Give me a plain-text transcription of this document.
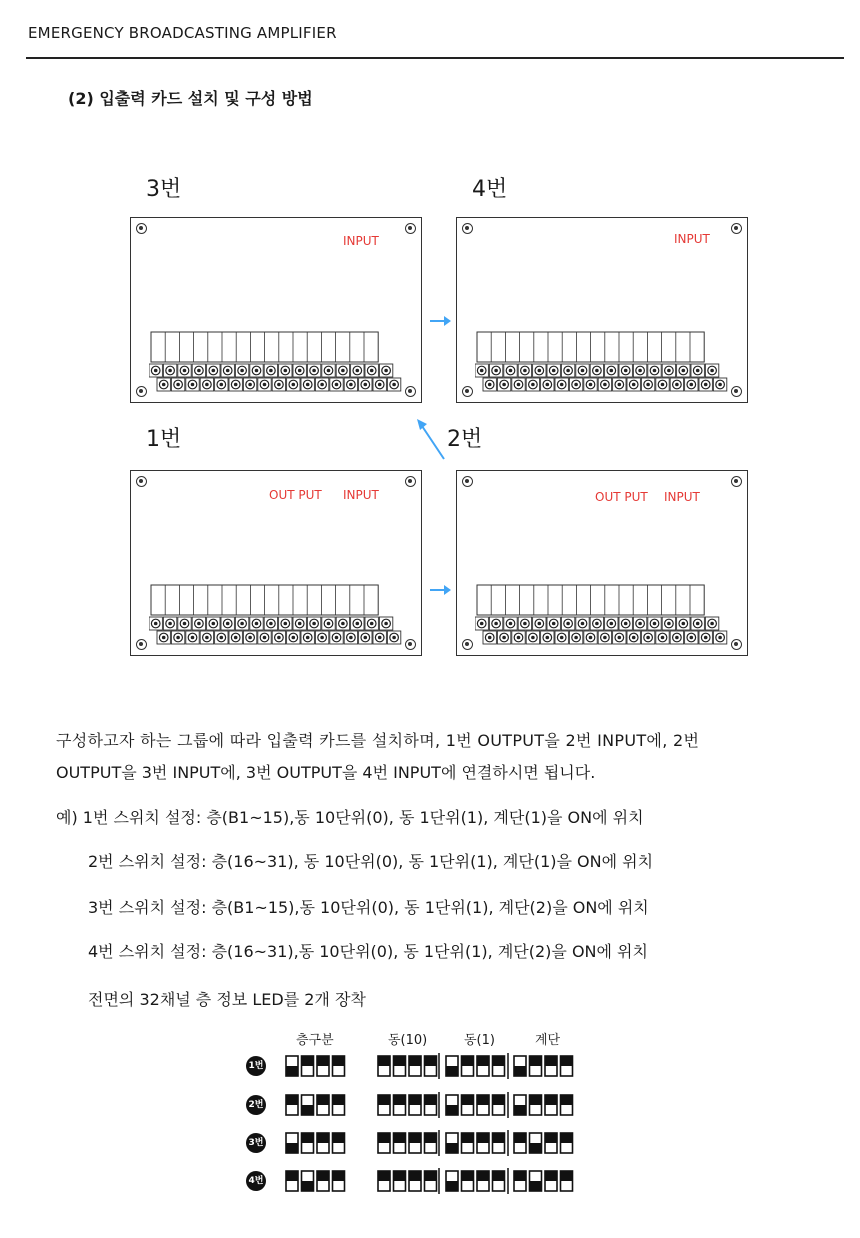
EMERGENCY BROADCASTING AMPLIFIER
(2) 입출력 카드 설치 및 구성 방법
3번	4번
1번	2번
INPUT	INPUT
OUT PUT INPUT	OUT PUT INPUT
구성하고자 하는 그룹에 따라 입출력 카드를 설치하며, 1번 OUTPUT을 2번 INPUT에, 2번
OUTPUT을 3번 INPUT에, 3번 OUTPUT을 4번 INPUT에 연결하시면 됩니다.
예) 1번 스위치 설정: 층(B1~15),동 10단위(0), 동 1단위(1), 계단(1)을 ON에 위치
2번 스위치 설정: 층(16~31), 동 10단위(0), 동 1단위(1), 계단(1)을 ON에 위치
3번 스위치 설정: 층(B1~15),동 10단위(0), 동 1단위(1), 계단(2)을 ON에 위치
4번 스위치 설정: 층(16~31),동 10단위(0), 동 1단위(1), 계단(2)을 ON에 위치
전면의 32채널 층 정보 LED를 2개 장착
층구분	동(10)	동(1)	계단
1번
2번
3번
4번
